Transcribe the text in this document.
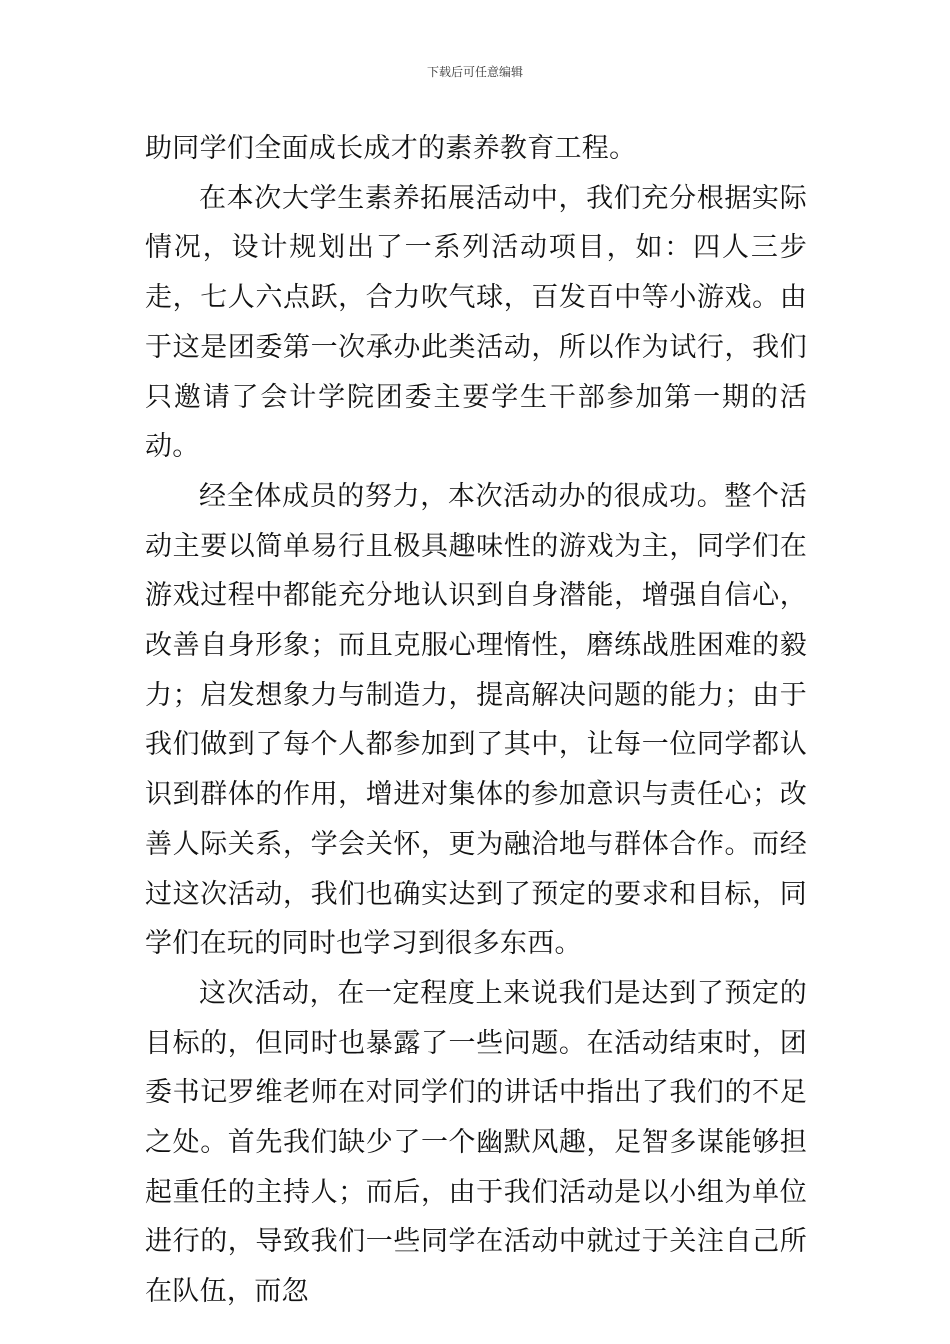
下载后可任意编辑

助同学们全面成长成才的素养教育工程。

在本次大学生素养拓展活动中，我们充分根据实际情况，设计规划出了一系列活动项目，如：四人三步走，七人六点跃，合力吹气球，百发百中等小游戏。由于这是团委第一次承办此类活动，所以作为试行，我们只邀请了会计学院团委主要学生干部参加第一期的活动。

经全体成员的努力，本次活动办的很成功。整个活动主要以简单易行且极具趣味性的游戏为主，同学们在游戏过程中都能充分地认识到自身潜能，增强自信心，改善自身形象；而且克服心理惰性，磨练战胜困难的毅力；启发想象力与制造力，提高解决问题的能力；由于我们做到了每个人都参加到了其中，让每一位同学都认识到群体的作用，增进对集体的参加意识与责任心；改善人际关系，学会关怀，更为融洽地与群体合作。而经过这次活动，我们也确实达到了预定的要求和目标，同学们在玩的同时也学习到很多东西。

这次活动，在一定程度上来说我们是达到了预定的目标的，但同时也暴露了一些问题。在活动结束时，团委书记罗维老师在对同学们的讲话中指出了我们的不足之处。首先我们缺少了一个幽默风趣，足智多谋能够担起重任的主持人；而后，由于我们活动是以小组为单位进行的，导致我们一些同学在活动中就过于关注自己所在队伍，而忽
